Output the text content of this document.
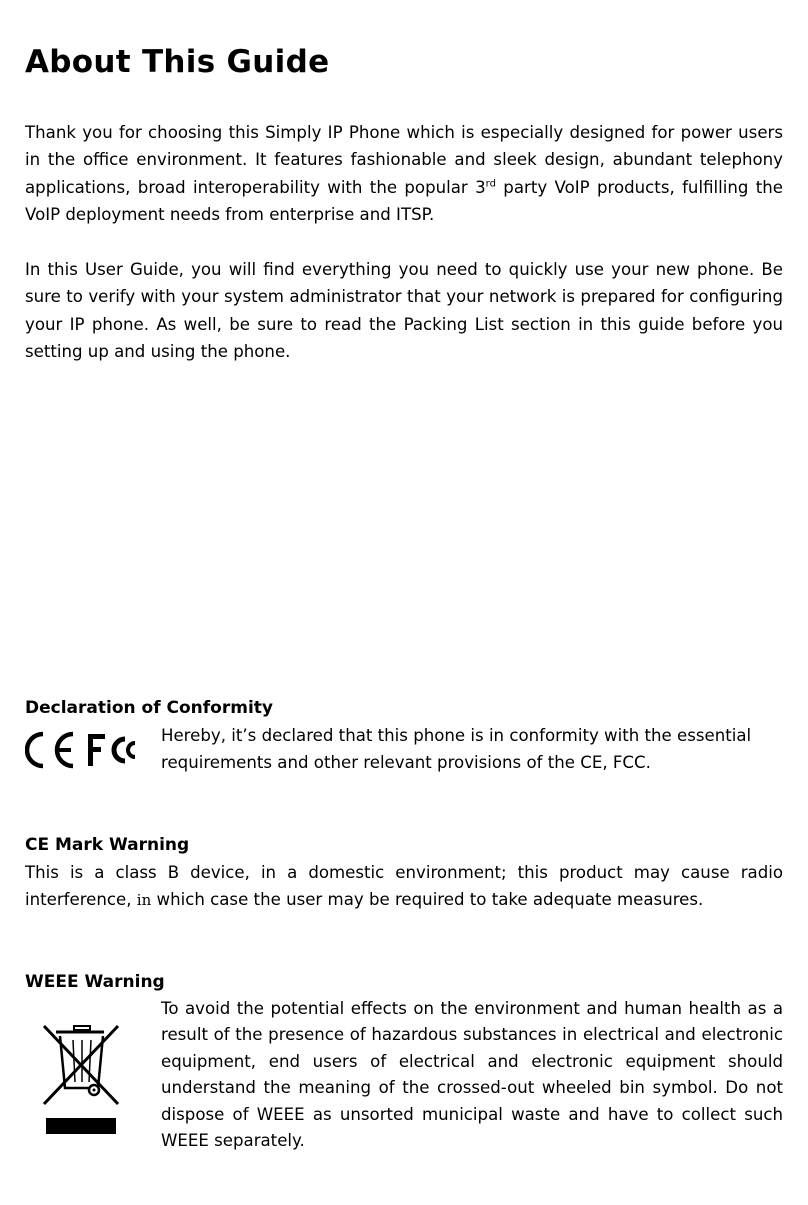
About This Guide

Thank you for choosing this Simply IP Phone which is especially designed for power users in the office environment. It features fashionable and sleek design, abundant telephony applications, broad interoperability with the popular 3rd party VoIP products, fulfilling the VoIP deployment needs from enterprise and ITSP.

In this User Guide, you will find everything you need to quickly use your new phone. Be sure to verify with your system administrator that your network is prepared for configuring your IP phone. As well, be sure to read the Packing List section in this guide before you setting up and using the phone.

Declaration of Conformity

Hereby, it’s declared that this phone is in conformity with the essential requirements and other relevant provisions of the CE, FCC.

CE Mark Warning

This is a class B device, in a domestic environment; this product may cause radio interference, in which case the user may be required to take adequate measures.

WEEE Warning

To avoid the potential effects on the environment and human health as a result of the presence of hazardous substances in electrical and electronic equipment, end users of electrical and electronic equipment should understand the meaning of the crossed-out wheeled bin symbol. Do not dispose of WEEE as unsorted municipal waste and have to collect such WEEE separately.
